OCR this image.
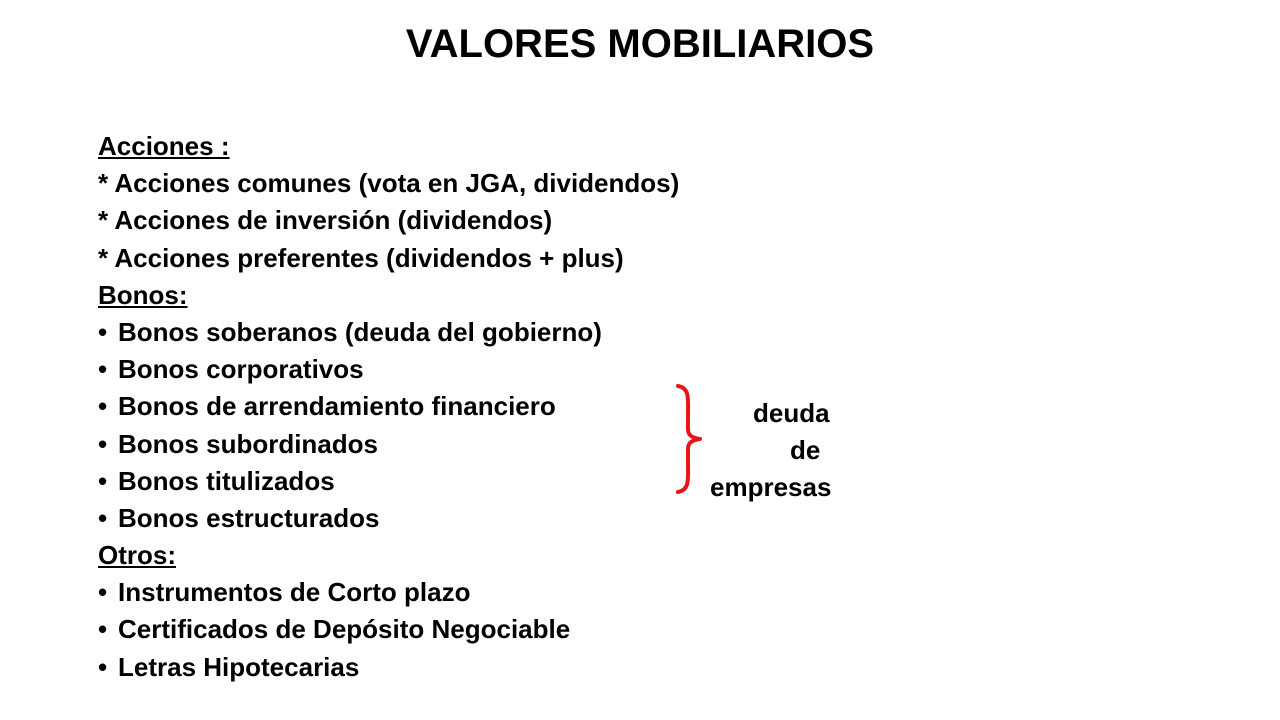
VALORES MOBILIARIOS
Acciones :
* Acciones comunes (vota en JGA, dividendos)
* Acciones de inversión (dividendos)
* Acciones preferentes (dividendos + plus)
Bonos:
• Bonos soberanos (deuda del gobierno)
• Bonos corporativos
• Bonos de arrendamiento financiero
• Bonos subordinados
• Bonos titulizados
• Bonos estructurados
Otros:
• Instrumentos de Corto plazo
• Certificados de Depósito Negociable
• Letras Hipotecarias
deuda
de
empresas
